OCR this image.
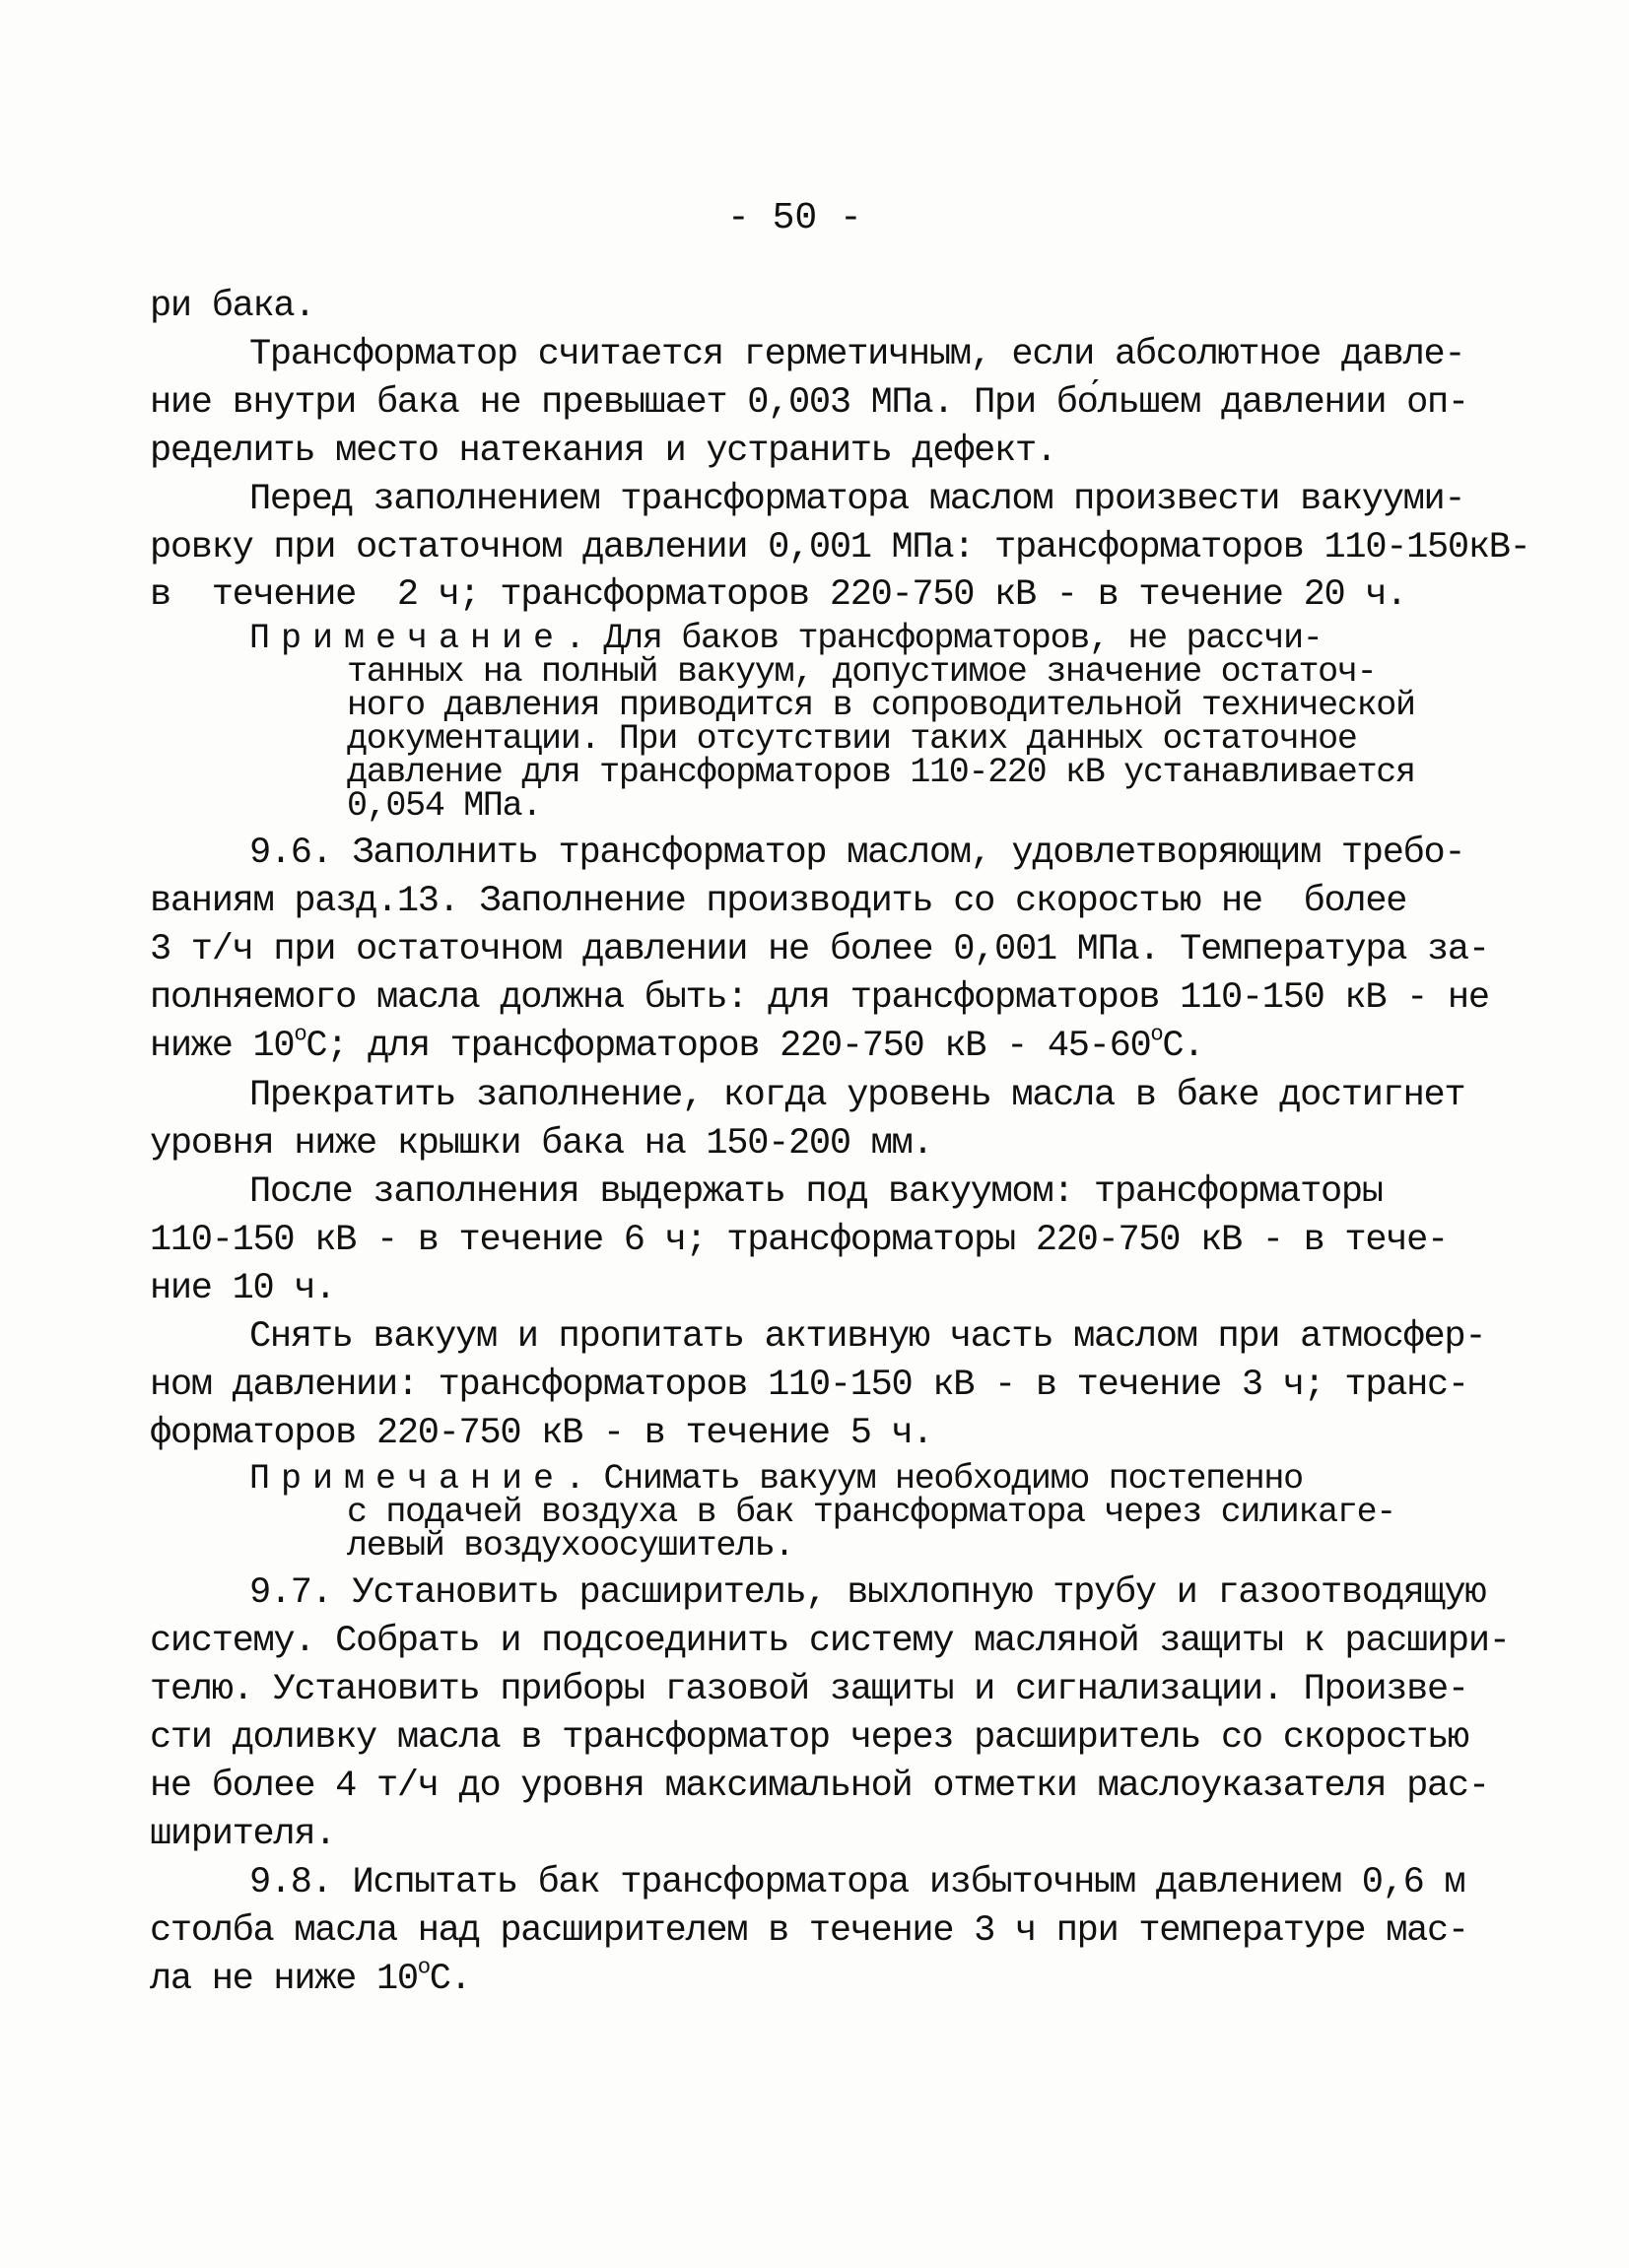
- 50 -
ри бака.
Трансформатор считается герметичным, если абсолютное давле-
ние внутри бака не превышает 0,003 МПа. При бо́льшем давлении оп-
ределить место натекания и устранить дефект.
Перед заполнением трансформатора маслом произвести вакууми-
ровку при остаточном давлении 0,001 МПа: трансформаторов 110-150кВ-
в  течение  2 ч; трансформаторов 220-750 кВ - в течение 20 ч.
Примечание. Для баков трансформаторов, не рассчи-
танных на полный вакуум, допустимое значение остаточ-
ного давления приводится в сопроводительной технической
документации. При отсутствии таких данных остаточное
давление для трансформаторов 110-220 кВ устанавливается
0,054 МПа.
9.6. Заполнить трансформатор маслом, удовлетворяющим требо-
ваниям разд.13. Заполнение производить со скоростью не  более
3 т/ч при остаточном давлении не более 0,001 МПа. Температура за-
полняемого масла должна быть: для трансформаторов 110-150 кВ - не
ниже $10^оС$; для трансформаторов 220-750 кВ - $45-60^оС$.
Прекратить заполнение, когда уровень масла в баке достигнет
уровня ниже крышки бака на 150-200 мм.
После заполнения выдержать под вакуумом: трансформаторы
110-150 кВ - в течение 6 ч; трансформаторы 220-750 кВ - в тече-
ние 10 ч.
Снять вакуум и пропитать активную часть маслом при атмосфер-
ном давлении: трансформаторов 110-150 кВ - в течение 3 ч; транс-
форматоров 220-750 кВ - в течение 5 ч.
Примечание. Снимать вакуум необходимо постепенно
с подачей воздуха в бак трансформатора через силикаге-
левый воздухоосушитель.
9.7. Установить расширитель, выхлопную трубу и газоотводящую
систему. Собрать и подсоединить систему масляной защиты к расшири-
телю. Установить приборы газовой защиты и сигнализации. Произве-
сти доливку масла в трансформатор через расширитель со скоростью
не более 4 т/ч до уровня максимальной отметки маслоуказателя рас-
ширителя.
9.8. Испытать бак трансформатора избыточным давлением 0,6 м
столба масла над расширителем в течение 3 ч при температуре мас-
ла не ниже $10^оС$.
